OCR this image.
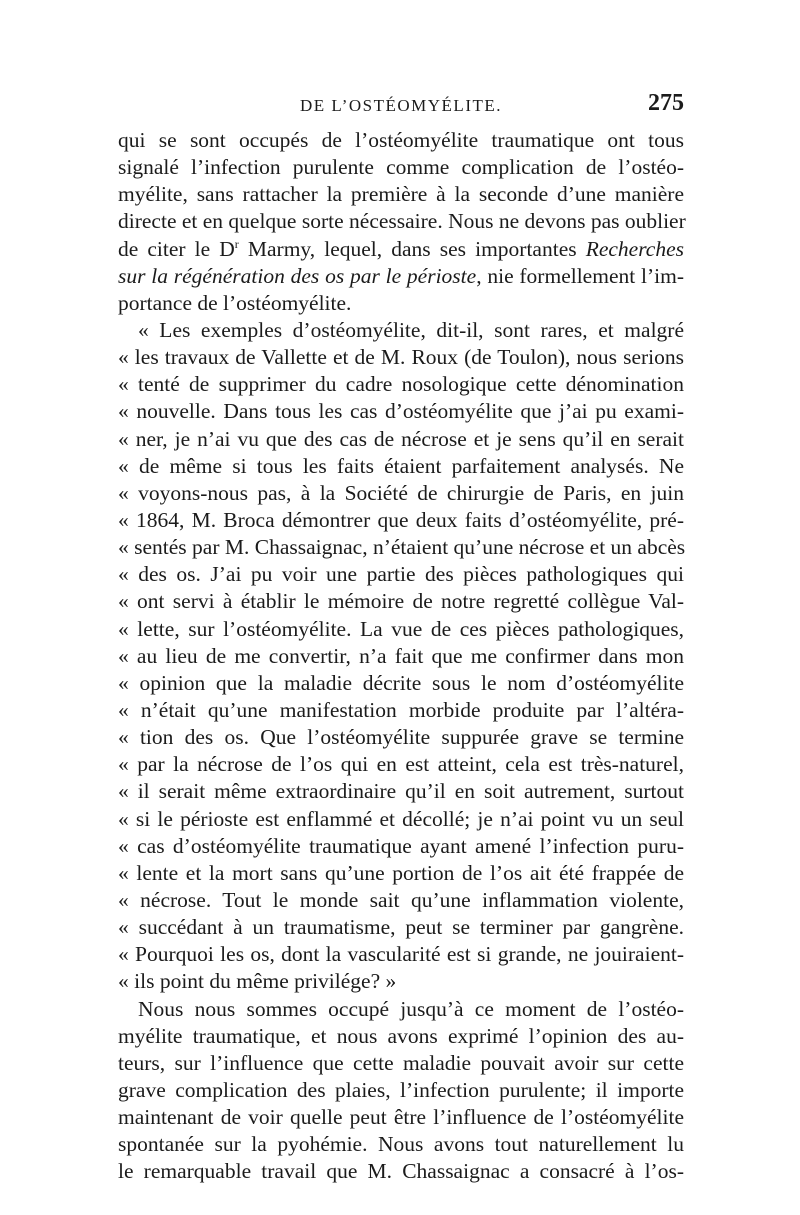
DE L’OSTÉOMYÉLITE.	275
qui se sont occupés de l’ostéomyélite traumatique ont tous
signalé l’infection purulente comme complication de l’ostéo-
myélite, sans rattacher la première à la seconde d’une manière
directe et en quelque sorte nécessaire. Nous ne devons pas oublier
de citer le $D^r$ Marmy, lequel, dans ses importantes Recherches
sur la régénération des os par le périoste, nie formellement l’im-
portance de l’ostéomyélite.
« Les exemples d’ostéomyélite, dit-il, sont rares, et malgré
« les travaux de Vallette et de M. Roux (de Toulon), nous serions
« tenté de supprimer du cadre nosologique cette dénomination
« nouvelle. Dans tous les cas d’ostéomyélite que j’ai pu exami-
« ner, je n’ai vu que des cas de nécrose et je sens qu’il en serait
« de même si tous les faits étaient parfaitement analysés. Ne
« voyons-nous pas, à la Société de chirurgie de Paris, en juin
« 1864, M. Broca démontrer que deux faits d’ostéomyélite, pré-
« sentés par M. Chassaignac, n’étaient qu’une nécrose et un abcès
« des os. J’ai pu voir une partie des pièces pathologiques qui
« ont servi à établir le mémoire de notre regretté collègue Val-
« lette, sur l’ostéomyélite. La vue de ces pièces pathologiques,
« au lieu de me convertir, n’a fait que me confirmer dans mon
« opinion que la maladie décrite sous le nom d’ostéomyélite
« n’était qu’une manifestation morbide produite par l’altéra-
« tion des os. Que l’ostéomyélite suppurée grave se termine
« par la nécrose de l’os qui en est atteint, cela est très-naturel,
« il serait même extraordinaire qu’il en soit autrement, surtout
« si le périoste est enflammé et décollé; je n’ai point vu un seul
« cas d’ostéomyélite traumatique ayant amené l’infection puru-
« lente et la mort sans qu’une portion de l’os ait été frappée de
« nécrose. Tout le monde sait qu’une inflammation violente,
« succédant à un traumatisme, peut se terminer par gangrène.
« Pourquoi les os, dont la vascularité est si grande, ne jouiraient-
« ils point du même privilége? »
Nous nous sommes occupé jusqu’à ce moment de l’ostéo-
myélite traumatique, et nous avons exprimé l’opinion des au-
teurs, sur l’influence que cette maladie pouvait avoir sur cette
grave complication des plaies, l’infection purulente; il importe
maintenant de voir quelle peut être l’influence de l’ostéomyélite
spontanée sur la pyohémie. Nous avons tout naturellement lu
le remarquable travail que M. Chassaignac a consacré à l’os-
